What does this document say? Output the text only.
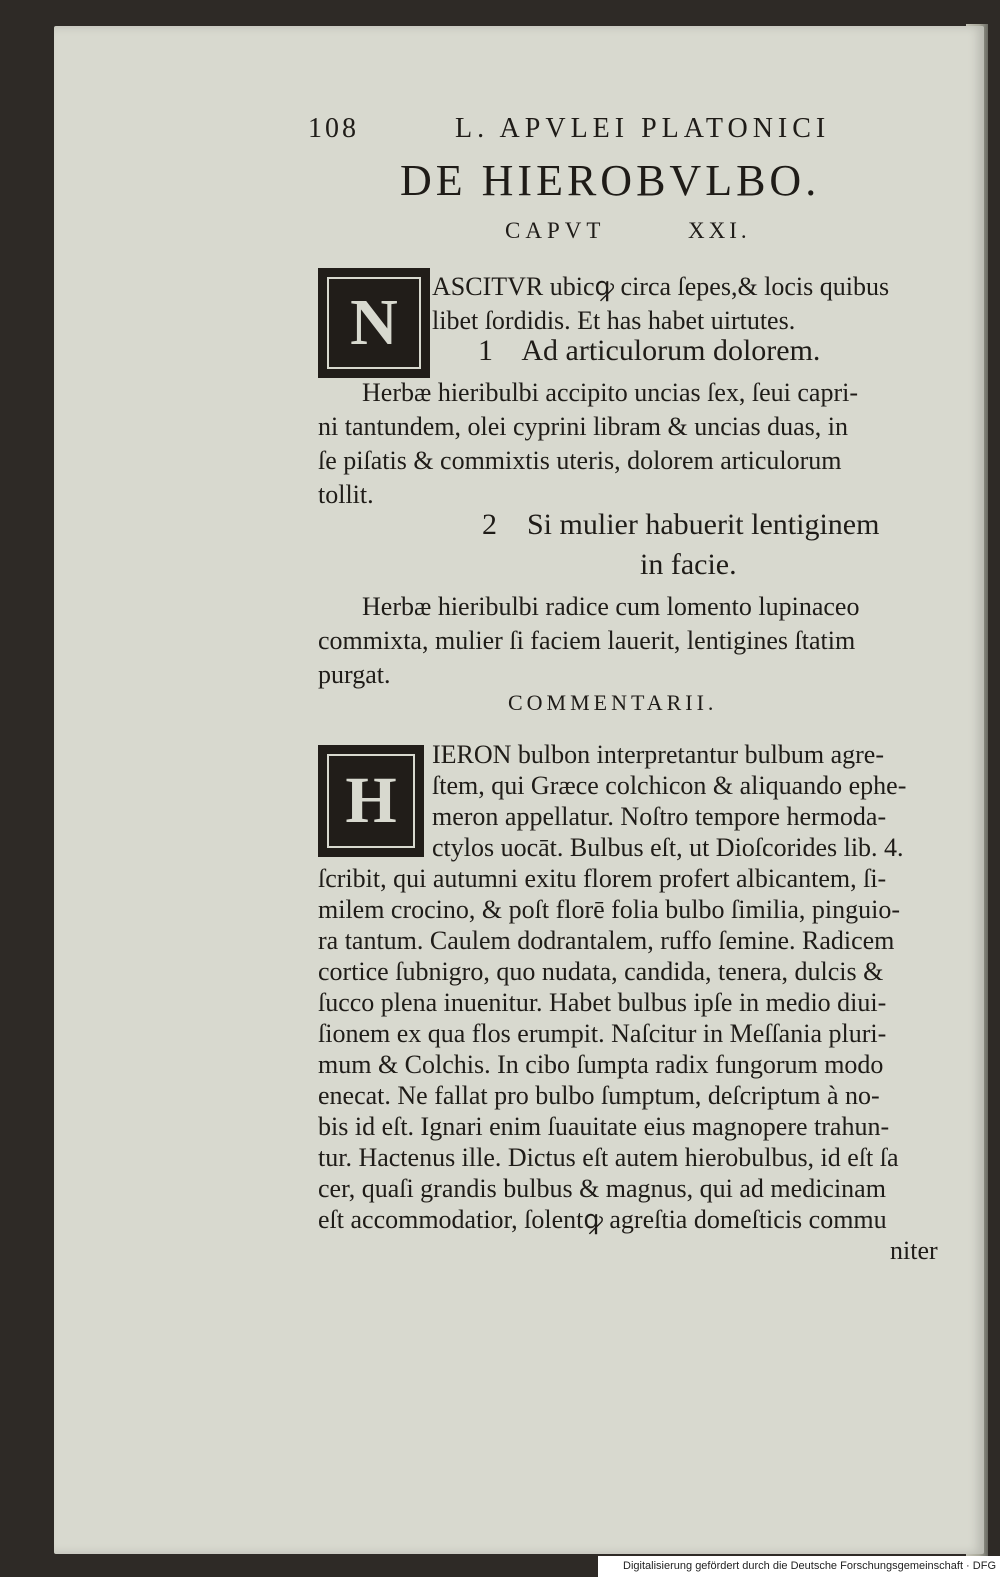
108	L. APVLEI PLATONICI
DE HIEROBVLBO.
CAPVT	XXI.
N	ASCITVR ubicꝙ circa ſepes,& locis quibus
libet ſordidis. Et has habet uirtutes.
1    Ad articulorum dolorem.
Herbæ hieribulbi accipito uncias ſex, ſeui capri-
ni tantundem, olei cyprini libram & uncias duas, in
ſe piſatis & commixtis uteris, dolorem articulorum
tollit.
2    Si mulier habuerit lentiginem
in facie.
Herbæ hieribulbi radice cum lomento lupinaceo
commixta, mulier ſi faciem lauerit, lentigines ſtatim
purgat.
COMMENTARII.
H
IERON bulbon interpretantur bulbum agre-
ſtem, qui Græce colchicon & aliquando ephe-
meron appellatur. Noſtro tempore hermoda-
ctylos uocāt. Bulbus eſt, ut Dioſcorides lib. 4.
ſcribit, qui autumni exitu florem profert albicantem, ſi-
milem crocino, & poſt florē folia bulbo ſimilia, pinguio-
ra tantum. Caulem dodrantalem, ruffo ſemine. Radicem
cortice ſubnigro, quo nudata, candida, tenera, dulcis &
ſucco plena inuenitur. Habet bulbus ipſe in medio diui-
ſionem ex qua flos erumpit. Naſcitur in Meſſania pluri-
mum & Colchis. In cibo ſumpta radix fungorum modo
enecat. Ne fallat pro bulbo ſumptum, deſcriptum à no-
bis id eſt. Ignari enim ſuauitate eius magnopere trahun-
tur. Hactenus ille. Dictus eſt autem hierobulbus, id eſt ſa
cer, quaſi grandis bulbus & magnus, qui ad medicinam
eſt accommodatior, ſolentꝙ agreſtia domeſticis commu
niter
Digitalisierung gefördert durch die Deutsche Forschungsgemeinschaft · DFG
